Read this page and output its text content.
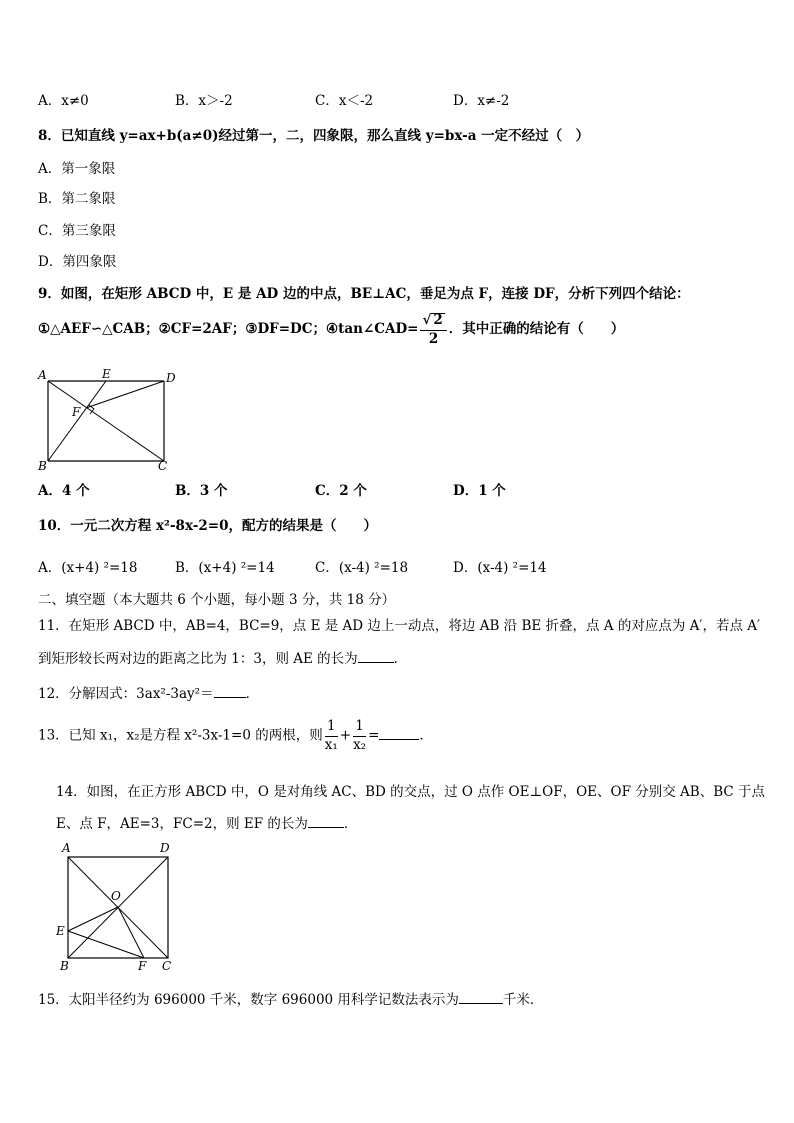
A．x≠0	B．x＞-2	C．x＜-2	D．x≠-2
8．已知直线 y=ax+b(a≠0)经过第一，二，四象限，那么直线 y=bx-a 一定不经过（　）
A．第一象限
B．第二象限
C．第三象限
D．第四象限
9．如图，在矩形 ABCD 中，E 是 AD 边的中点，BE⊥AC，垂足为点 F，连接 DF，分析下列四个结论：
①△AEF∽△CAB；②CF=2AF；③DF=DC；④tan∠CAD= $\frac{√ 2}{2}$ ．其中正确的结论有（　　）
A	E	D
F
B	C
A．4 个	B．3 个	C．2 个	D．1 个
10．一元二次方程 x²-8x-2=0，配方的结果是（　　）
A．(x+4) ²=18	B．(x+4) ²=14	C．(x-4) ²=18	D．(x-4) ²=14
二、填空题（本大题共 6 个小题，每小题 3 分，共 18 分）
11．在矩形 ABCD 中，AB=4，BC=9，点 E 是 AD 边上一动点，将边 AB 沿 BE 折叠，点 A 的对应点为 A′，若点 A′
到矩形较长两对边的距离之比为 1：3，则 AE 的长为	．
12．分解因式：3ax²-3ay²＝ ．
13．已知 x₁，x₂是方程 x²-3x-1=0 的两根，则 $\frac{1}{\text{x₁}} + \frac{1}{\text{x₂}}$ =	．
14．如图，在正方形 ABCD 中，O 是对角线 AC、BD 的交点，过 O 点作 OE⊥OF，OE、OF 分别交 AB、BC 于点
E、点 F，AE=3，FC=2，则 EF 的长为	．
A	D
O
E
B	F C
15．太阳半径约为 696000 千米，数字 696000 用科学记数法表示为	千米．
